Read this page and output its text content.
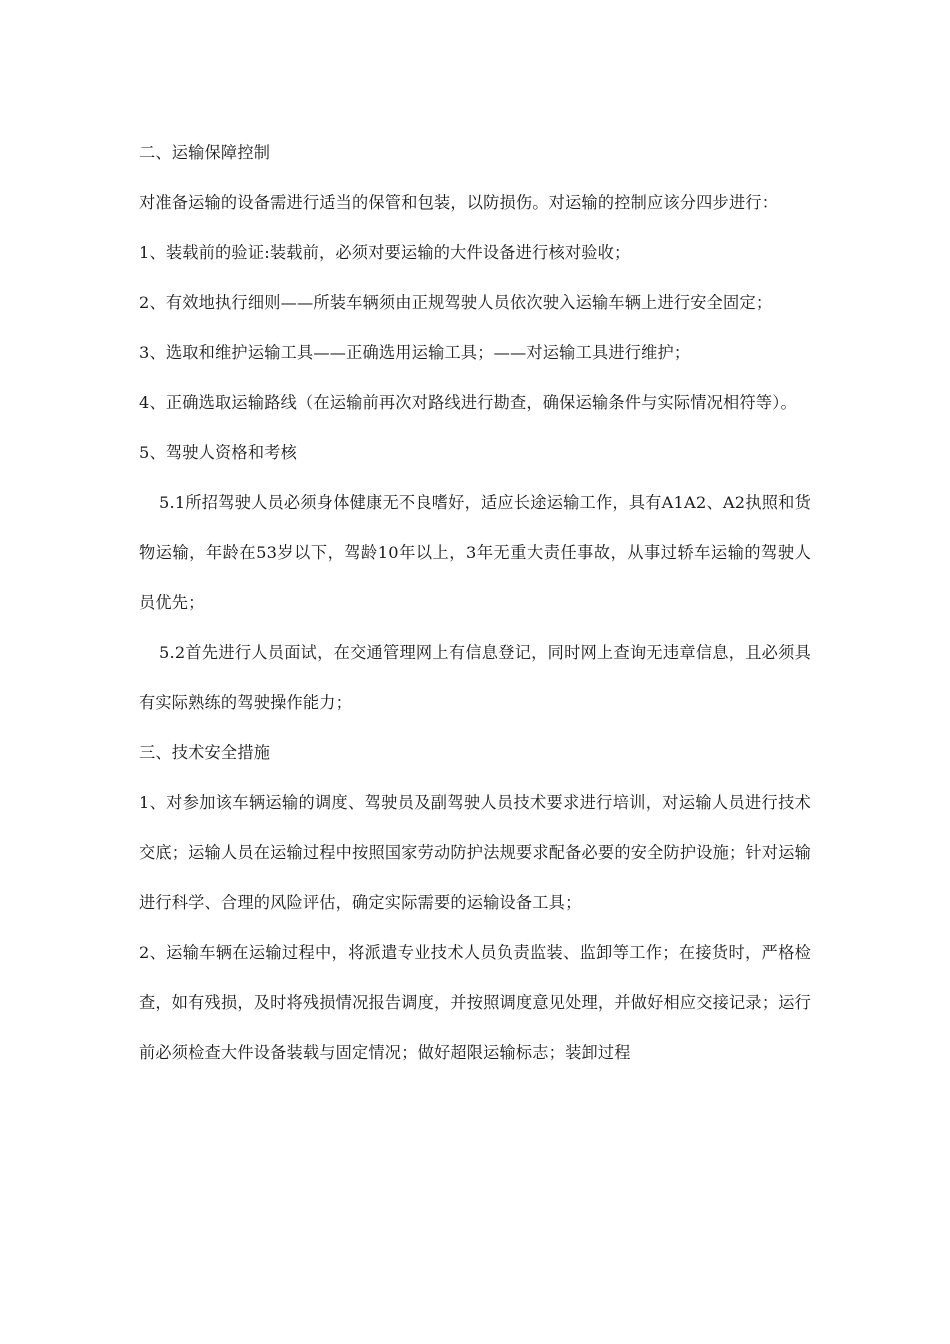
二、运输保障控制

对准备运输的设备需进行适当的保管和包装，以防损伤。对运输的控制应该分四步进行：

1、装载前的验证:装载前，必须对要运输的大件设备进行核对验收；

2、有效地执行细则——所装车辆须由正规驾驶人员依次驶入运输车辆上进行安全固定；

3、选取和维护运输工具——正确选用运输工具；——对运输工具进行维护；

4、正确选取运输路线（在运输前再次对路线进行勘查，确保运输条件与实际情况相符等）。

5、驾驶人资格和考核

5.1所招驾驶人员必须身体健康无不良嗜好，适应长途运输工作，具有A1A2、A2执照和货物运输，年龄在53岁以下，驾龄10年以上，3年无重大责任事故，从事过轿车运输的驾驶人员优先；

5.2首先进行人员面试，在交通管理网上有信息登记，同时网上查询无违章信息，且必须具有实际熟练的驾驶操作能力；

三、技术安全措施

1、对参加该车辆运输的调度、驾驶员及副驾驶人员技术要求进行培训，对运输人员进行技术交底；运输人员在运输过程中按照国家劳动防护法规要求配备必要的安全防护设施；针对运输进行科学、合理的风险评估，确定实际需要的运输设备工具；

2、运输车辆在运输过程中，将派遣专业技术人员负责监装、监卸等工作；在接货时，严格检查，如有残损，及时将残损情况报告调度，并按照调度意见处理，并做好相应交接记录；运行前必须检查大件设备装载与固定情况；做好超限运输标志；装卸过程
